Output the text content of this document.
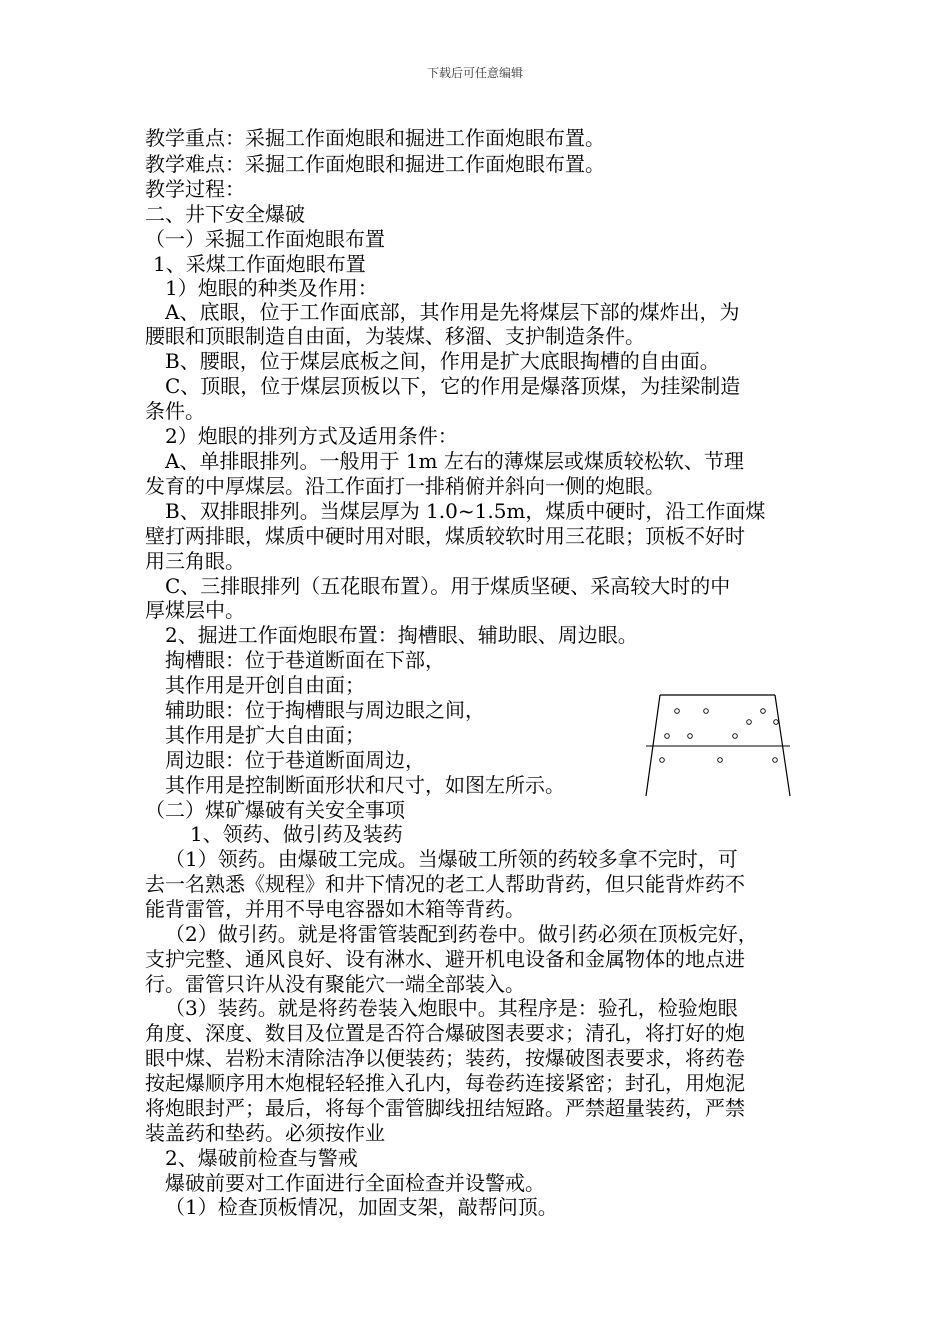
下载后可任意编辑
教学重点：采掘工作面炮眼和掘进工作面炮眼布置。
教学难点：采掘工作面炮眼和掘进工作面炮眼布置。
教学过程：
二、井下安全爆破
（一）采掘工作面炮眼布置
1、采煤工作面炮眼布置
1）炮眼的种类及作用：
A、底眼，位于工作面底部，其作用是先将煤层下部的煤炸出，为
腰眼和顶眼制造自由面，为装煤、移溜、支护制造条件。
B、腰眼，位于煤层底板之间，作用是扩大底眼掏槽的自由面。
C、顶眼，位于煤层顶板以下，它的作用是爆落顶煤，为挂梁制造
条件。
2）炮眼的排列方式及适用条件：
A、单排眼排列。一般用于 1m 左右的薄煤层或煤质较松软、节理
发育的中厚煤层。沿工作面打一排稍俯并斜向一侧的炮眼。
B、双排眼排列。当煤层厚为 1.0~1.5m，煤质中硬时，沿工作面煤
壁打两排眼，煤质中硬时用对眼，煤质较软时用三花眼；顶板不好时
用三角眼。
C、三排眼排列（五花眼布置）。用于煤质坚硬、采高较大时的中
厚煤层中。
2、掘进工作面炮眼布置：掏槽眼、辅助眼、周边眼。
掏槽眼：位于巷道断面在下部，
其作用是开创自由面；
辅助眼：位于掏槽眼与周边眼之间，
其作用是扩大自由面；
周边眼：位于巷道断面周边，
其作用是控制断面形状和尺寸，如图左所示。
（二）煤矿爆破有关安全事项
1、领药、做引药及装药
（1）领药。由爆破工完成。当爆破工所领的药较多拿不完时，可
去一名熟悉《规程》和井下情况的老工人帮助背药，但只能背炸药不
能背雷管，并用不导电容器如木箱等背药。
（2）做引药。就是将雷管装配到药卷中。做引药必须在顶板完好，
支护完整、通风良好、设有淋水、避开机电设备和金属物体的地点进
行。雷管只许从没有聚能穴一端全部装入。
（3）装药。就是将药卷装入炮眼中。其程序是：验孔，检验炮眼
角度、深度、数目及位置是否符合爆破图表要求；清孔，将打好的炮
眼中煤、岩粉末清除洁净以便装药；装药，按爆破图表要求，将药卷
按起爆顺序用木炮棍轻轻推入孔内，每卷药连接紧密；封孔，用炮泥
将炮眼封严；最后，将每个雷管脚线扭结短路。严禁超量装药，严禁
装盖药和垫药。必须按作业
2、爆破前检查与警戒
爆破前要对工作面进行全面检查并设警戒。
（1）检查顶板情况，加固支架，敲帮问顶。
